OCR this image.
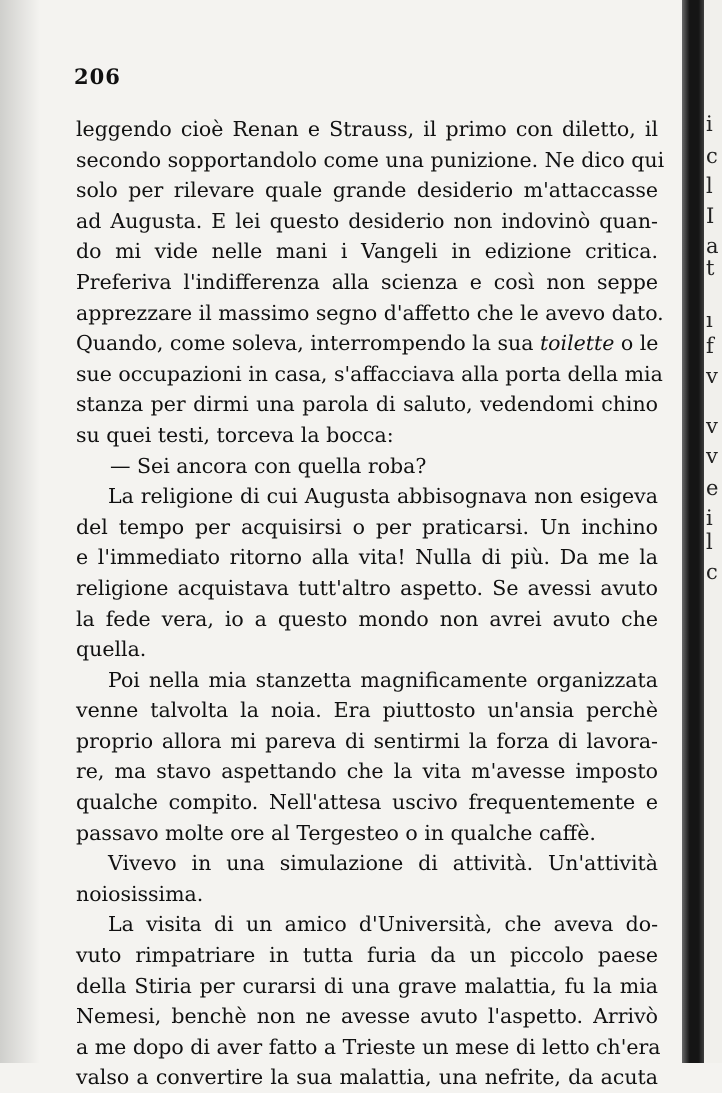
206
leggendo cioè Renan e Strauss, il primo con diletto, il
secondo sopportandolo come una punizione. Ne dico qui
solo per rilevare quale grande desiderio m'attaccasse
ad Augusta. E lei questo desiderio non indovinò quan-
do mi vide nelle mani i Vangeli in edizione critica.
Preferiva l'indifferenza alla scienza e così non seppe
apprezzare il massimo segno d'affetto che le avevo dato.
Quando, come soleva, interrompendo la sua toilette o le
sue occupazioni in casa, s'affacciava alla porta della mia
stanza per dirmi una parola di saluto, vedendomi chino
su quei testi, torceva la bocca:
— Sei ancora con quella roba?
La religione di cui Augusta abbisognava non esigeva
del tempo per acquisirsi o per praticarsi. Un inchino
e l'immediato ritorno alla vita! Nulla di più. Da me la
religione acquistava tutt'altro aspetto. Se avessi avuto
la fede vera, io a questo mondo non avrei avuto che
quella.
Poi nella mia stanzetta magnificamente organizzata
venne talvolta la noia. Era piuttosto un'ansia perchè
proprio allora mi pareva di sentirmi la forza di lavora-
re, ma stavo aspettando che la vita m'avesse imposto
qualche compito. Nell'attesa uscivo frequentemente e
passavo molte ore al Tergesteo o in qualche caffè.
Vivevo in una simulazione di attività. Un'attività
noiosissima.
La visita di un amico d'Università, che aveva do-
vuto rimpatriare in tutta furia da un piccolo paese
della Stiria per curarsi di una grave malattia, fu la mia
Nemesi, benchè non ne avesse avuto l'aspetto. Arrivò
a me dopo di aver fatto a Trieste un mese di letto ch'era
valso a convertire la sua malattia, una nefrite, da acuta
i
c
l
I
a
t
ı
f
v
v
v
e
i
l
c
